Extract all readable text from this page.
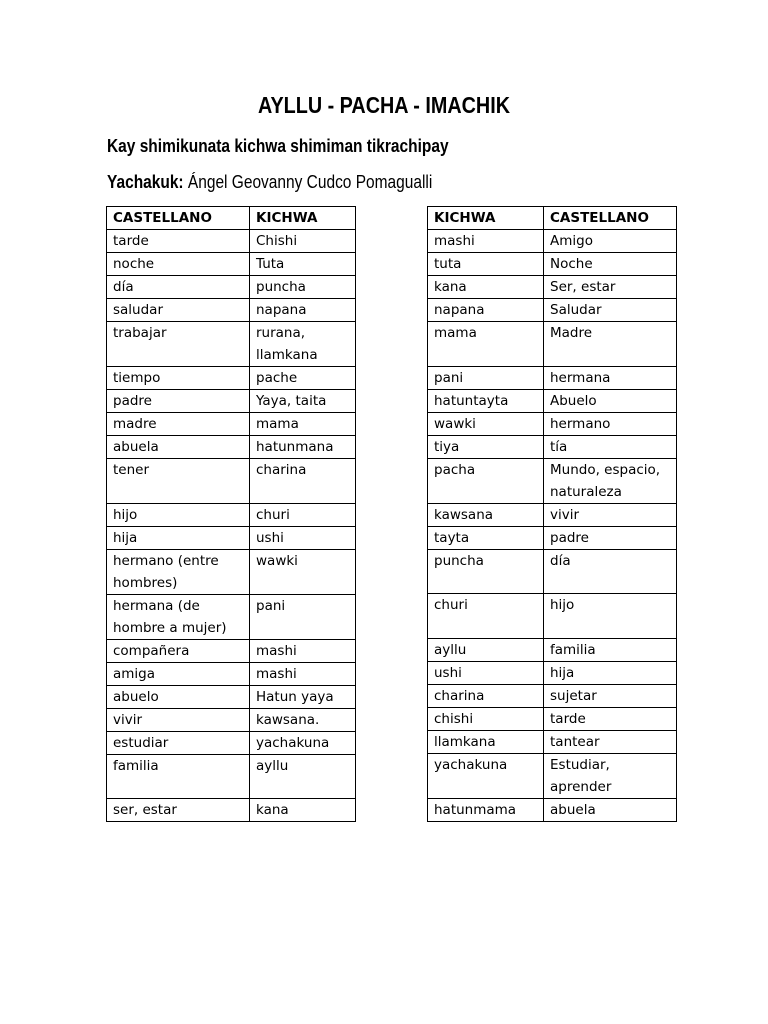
AYLLU - PACHA - IMACHIK

Kay shimikunata kichwa shimiman tikrachipay

Yachakuk: Ángel Geovanny Cudco Pomagualli

CASTELLANO	KICHWA
tarde	Chishi
noche	Tuta
día	puncha
saludar	napana
trabajar	rurana, llamkana
tiempo	pache
padre	Yaya, taita
madre	mama
abuela	hatunmana
tener	charina
hijo	churi
hija	ushi
hermano (entre hombres)	wawki
hermana (de hombre a mujer)	pani
compañera	mashi
amiga	mashi
abuelo	Hatun yaya
vivir	kawsana.
estudiar	yachakuna
familia	ayllu
ser, estar	kana
KICHWA	CASTELLANO
mashi	Amigo
tuta	Noche
kana	Ser, estar
napana	Saludar
mama	Madre
pani	hermana
hatuntayta	Abuelo
wawki	hermano
tiya	tía
pacha	Mundo, espacio, naturaleza
kawsana	vivir
tayta	padre
puncha	día
churi	hijo
ayllu	familia
ushi	hija
charina	sujetar
chishi	tarde
llamkana	tantear
yachakuna	Estudiar, aprender
hatunmama	abuela
